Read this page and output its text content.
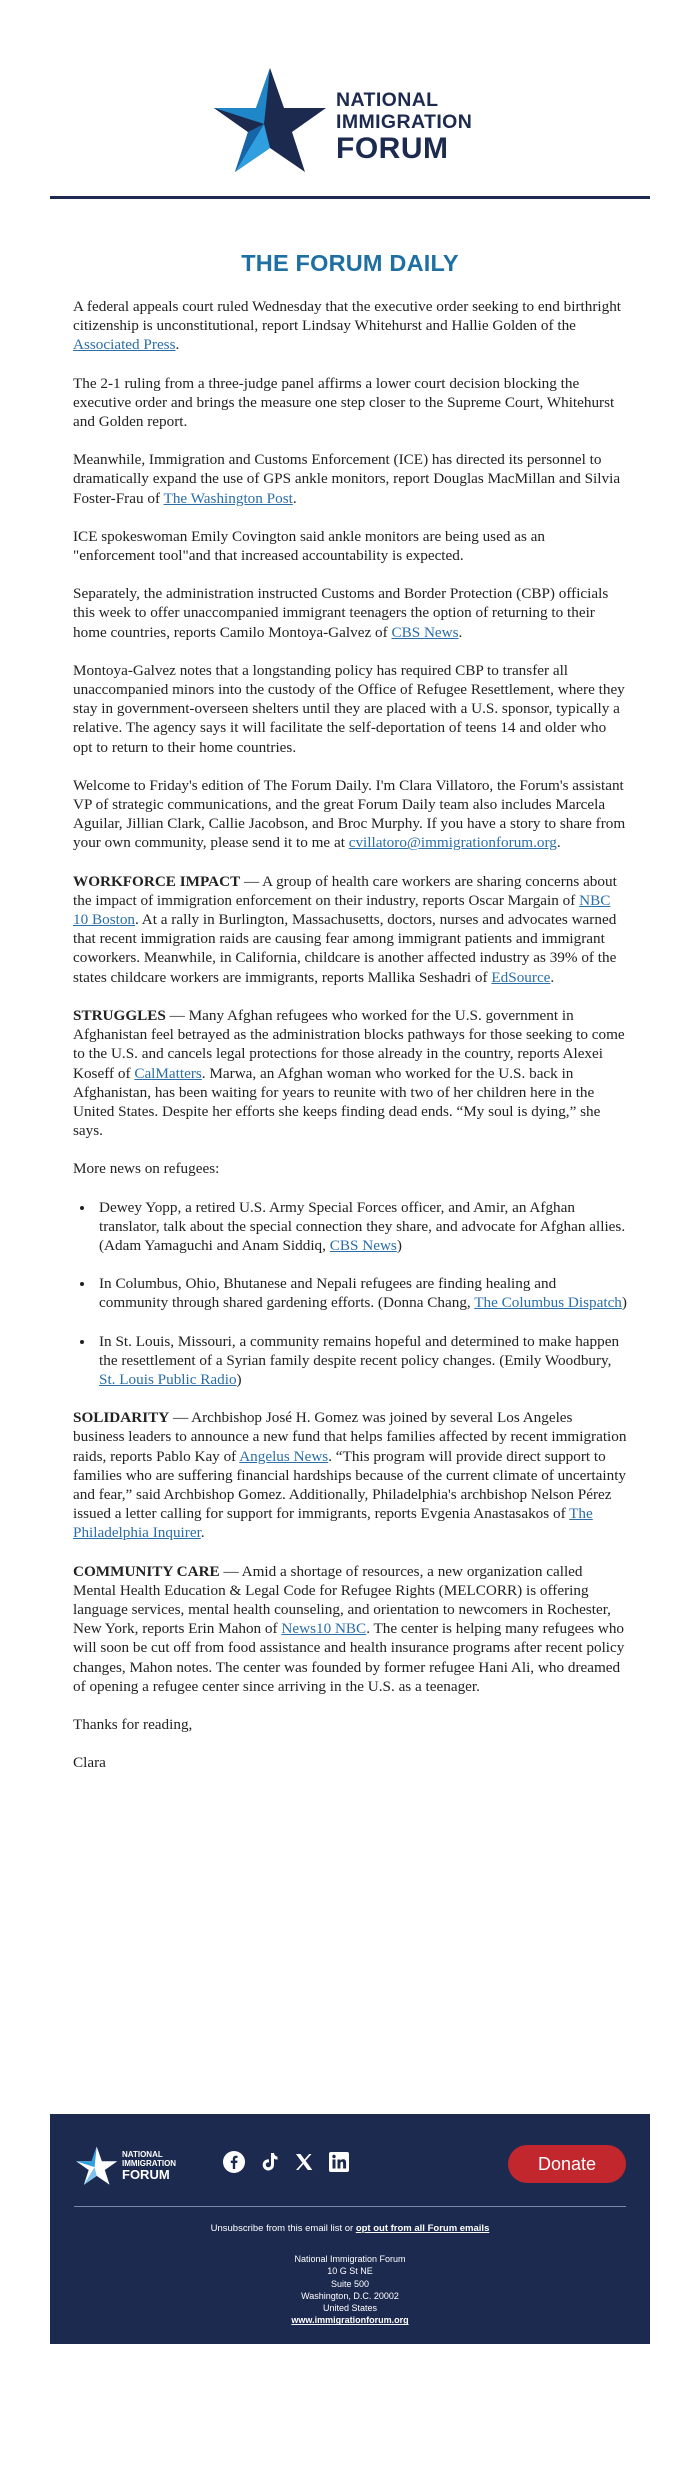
NATIONAL
IMMIGRATION
FORUM
THE FORUM DAILY

A federal appeals court ruled Wednesday that the executive order seeking to end birthright citizenship is unconstitutional, report Lindsay Whitehurst and Hallie Golden of the Associated Press.

The 2-1 ruling from a three-judge panel affirms a lower court decision blocking the executive order and brings the measure one step closer to the Supreme Court, Whitehurst and Golden report.

Meanwhile, Immigration and Customs Enforcement (ICE) has directed its personnel to dramatically expand the use of GPS ankle monitors, report Douglas MacMillan and Silvia Foster-Frau of The Washington Post.

ICE spokeswoman Emily Covington said ankle monitors are being used as an "enforcement tool"and that increased accountability is expected.

Separately, the administration instructed Customs and Border Protection (CBP) officials this week to offer unaccompanied immigrant teenagers the option of returning to their home countries, reports Camilo Montoya-Galvez of CBS News.

Montoya-Galvez notes that a longstanding policy has required CBP to transfer all unaccompanied minors into the custody of the Office of Refugee Resettlement, where they stay in government-overseen shelters until they are placed with a U.S. sponsor, typically a relative. The agency says it will facilitate the self-deportation of teens 14 and older who opt to return to their home countries.

Welcome to Friday's edition of The Forum Daily. I'm Clara Villatoro, the Forum's assistant VP of strategic communications, and the great Forum Daily team also includes Marcela Aguilar, Jillian Clark, Callie Jacobson, and Broc Murphy. If you have a story to share from your own community, please send it to me at cvillatoro@immigrationforum.org.

WORKFORCE IMPACT — A group of health care workers are sharing concerns about the impact of immigration enforcement on their industry, reports Oscar Margain of NBC 10 Boston. At a rally in Burlington, Massachusetts, doctors, nurses and advocates warned that recent immigration raids are causing fear among immigrant patients and immigrant coworkers. Meanwhile, in California, childcare is another affected industry as 39% of the states childcare workers are immigrants, reports Mallika Seshadri of EdSource.

STRUGGLES — Many Afghan refugees who worked for the U.S. government in Afghanistan feel betrayed as the administration blocks pathways for those seeking to come to the U.S. and cancels legal protections for those already in the country, reports Alexei Koseff of CalMatters. Marwa, an Afghan woman who worked for the U.S. back in Afghanistan, has been waiting for years to reunite with two of her children here in the United States. Despite her efforts she keeps finding dead ends. “My soul is dying,” she says.

More news on refugees:

• Dewey Yopp, a retired U.S. Army Special Forces officer, and Amir, an Afghan translator, talk about the special connection they share, and advocate for Afghan allies. (Adam Yamaguchi and Anam Siddiq, CBS News)
• In Columbus, Ohio, Bhutanese and Nepali refugees are finding healing and community through shared gardening efforts. (Donna Chang, The Columbus Dispatch)
• In St. Louis, Missouri, a community remains hopeful and determined to make happen the resettlement of a Syrian family despite recent policy changes. (Emily Woodbury, St. Louis Public Radio)

SOLIDARITY — Archbishop José H. Gomez was joined by several Los Angeles business leaders to announce a new fund that helps families affected by recent immigration raids, reports Pablo Kay of Angelus News. “This program will provide direct support to families who are suffering financial hardships because of the current climate of uncertainty and fear,” said Archbishop Gomez. Additionally, Philadelphia's archbishop Nelson Pérez issued a letter calling for support for immigrants, reports Evgenia Anastasakos of The Philadelphia Inquirer.

COMMUNITY CARE — Amid a shortage of resources, a new organization called Mental Health Education & Legal Code for Refugee Rights (MELCORR) is offering language services, mental health counseling, and orientation to newcomers in Rochester, New York, reports Erin Mahon of News10 NBC. The center is helping many refugees who will soon be cut off from food assistance and health insurance programs after recent policy changes, Mahon notes. The center was founded by former refugee Hani Ali, who dreamed of opening a refugee center since arriving in the U.S. as a teenager.

Thanks for reading,

Clara

NATIONAL
IMMIGRATION
FORUM
Donate
Unsubscribe from this email list or opt out from all Forum emails
National Immigration Forum
10 G St NE
Suite 500
Washington, D.C. 20002
United States
www.immigrationforum.org
